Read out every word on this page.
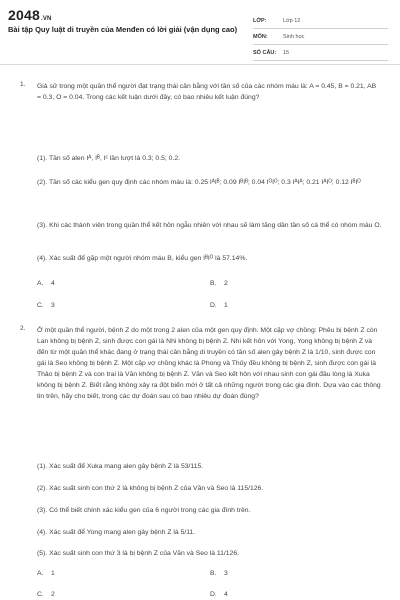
2048.VN
Bài tập Quy luật di truyền của Menđen có lời giải (vận dụng cao)
LỚP:	Lớp 12
MÔN:	Sinh học
SỐ CÂU:	15
1. Giả sử trong một quần thể người đạt trạng thái cân bằng với tần số của các nhóm máu là: A = 0.45, B = 0.21, AB = 0.3, O = 0.04. Trong các kết luận dưới đây, có bao nhiêu kết luận đúng?
(1). Tần số alen Iᴬ, Iᴮ, Iᶜ lần lượt là 0.3; 0.5; 0.2.
(2). Tần số các kiểu gen quy định các nhóm máu là: 0.25 IᴬIᴮ; 0.09 IᴮIᴮ; 0.04 IᴼIᴼ; 0.3 IᴬIᴬ; 0.21 IᴬIᴼ; 0.12 IᴮIᴼ
(3). Khi các thành viên trong quần thể kết hôn ngẫu nhiên với nhau sẽ làm tăng dần tần số cá thể có nhóm máu O.
(4). Xác suất để gặp một người nhóm máu B, kiểu gen IᴮIᴼ là 57.14%.
A. 4	B. 2
C. 3	D. 1
2. Ở một quần thể người, bệnh Z do một trong 2 alen của một gen quy định. Một cặp vợ chồng: Phêu bị bệnh Z còn Lan không bị bệnh Z, sinh được con gái là Nhi không bị bệnh Z. Nhi kết hôn với Yong, Yong không bị bệnh Z và đến từ một quần thể khác đang ở trạng thái cân bằng di truyền có tần số alen gây bệnh Z là 1/10, sinh được con gái là Seo không bị bệnh Z. Một cặp vợ chồng khác là Phong và Thủy đều không bị bệnh Z, sinh được con gái là Thảo bị bệnh Z và con trai là Văn không bị bệnh Z. Văn và Seo kết hôn với nhau sinh con gái đầu lòng là Xuka không bị bệnh Z. Biết rằng không xảy ra đột biến mới ở tất cả những người trong các gia đình. Dựa vào các thông tin trên, hãy cho biết, trong các dự đoán sau có bao nhiêu dự đoán đúng?
(1). Xác suất để Xuka mang alen gây bệnh Z là 53/115.
(2). Xác suất sinh con thứ 2 là không bị bệnh Z của Văn và Seo là 115/126.
(3). Có thể biết chính xác kiểu gen của 6 người trong các gia đình trên.
(4). Xác suất để Yong mang alen gây bệnh Z là 5/11.
(5). Xác suất sinh con thứ 3 là bị bệnh Z của Văn và Seo là 11/126.
A. 1	B. 3
C. 2	D. 4
